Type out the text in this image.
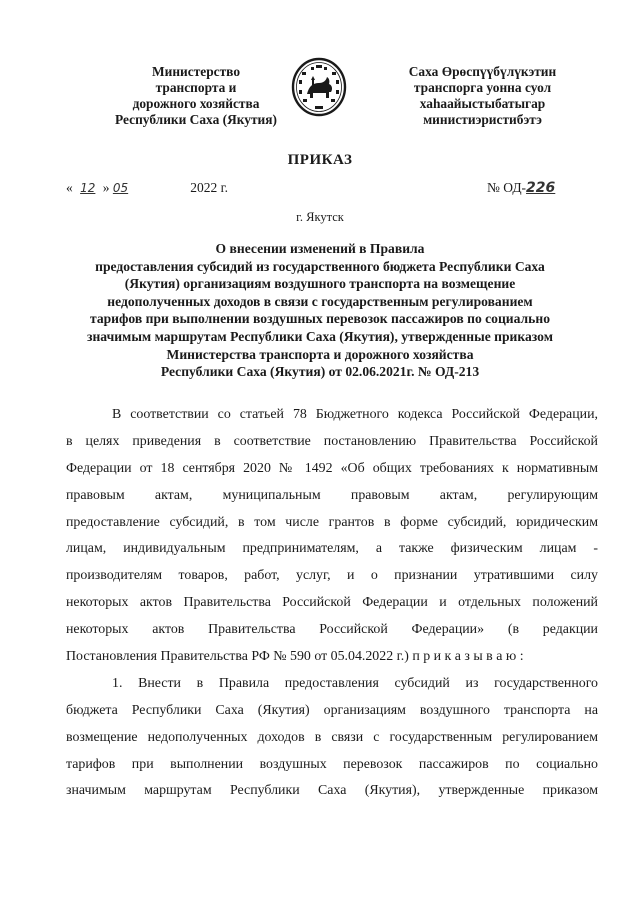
Министерство
транспорта и
дорожного хозяйства
Республики Саха (Якутия)
Саха Өрөспүүбүлүкэтин
транспорга уонна суол
хаһаайыстыбатыгар
министиэристибэтэ
ПРИКАЗ
« 12 » 05	2022 г.	№ ОД-226
г. Якутск
О внесении изменений в Правила
предоставления субсидий из государственного бюджета Республики Саха
(Якутия) организациям воздушного транспорта на возмещение
недополученных доходов в связи с государственным регулированием
тарифов при выполнении воздушных перевозок пассажиров по социально
значимым маршрутам Республики Саха (Якутия), утвержденные приказом
Министерства транспорта и дорожного хозяйства
Республики Саха (Якутия) от 02.06.2021г. № ОД-213
В соответствии со статьей 78 Бюджетного кодекса Российской Федерации,
в целях приведения в соответствие постановлению Правительства Российской
Федерации от 18 сентября 2020 № 1492 «Об общих требованиях к нормативным
правовым актам, муниципальным правовым актам, регулирующим
предоставление субсидий, в том числе грантов в форме субсидий, юридическим
лицам, индивидуальным предпринимателям, а также физическим лицам -
производителям товаров, работ, услуг, и о признании утратившими силу
некоторых актов Правительства Российской Федерации и отдельных положений
некоторых актов Правительства Российской Федерации» (в редакции
Постановления Правительства РФ № 590 от 05.04.2022 г.) п р и к а з ы в а ю :
1. Внести в Правила предоставления субсидий из государственного
бюджета Республики Саха (Якутия) организациям воздушного транспорта на
возмещение недополученных доходов в связи с государственным регулированием
тарифов при выполнении воздушных перевозок пассажиров по социально
значимым маршрутам Республики Саха (Якутия), утвержденные приказом
